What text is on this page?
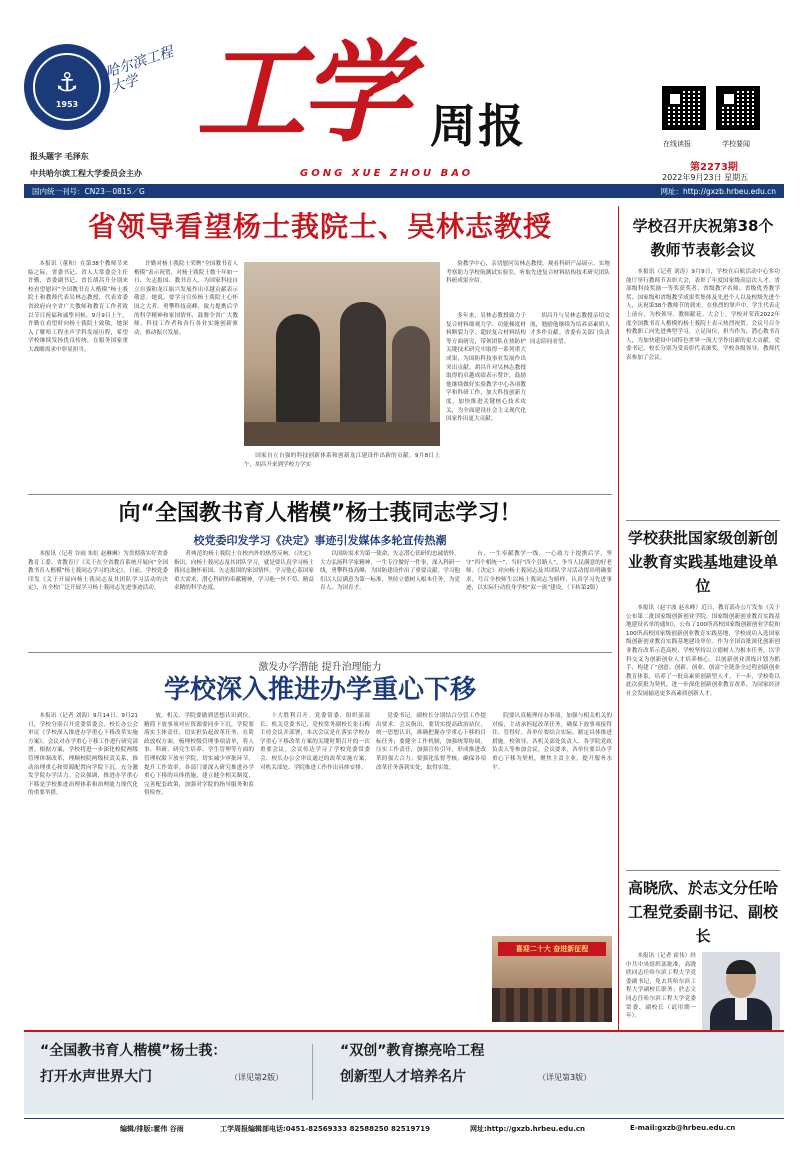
⚓
1953
哈尔滨工程大学
报头题字 毛泽东
中共哈尔滨工程大学委员会主办
工学 周报
GONG XUE ZHOU BAO
在线读报	学校要闻
第2273期
2022年9月23日 星期五
国内统一刊号：CN23－0815／G	网址：http://gxzb.hrbeu.edu.cn
省领导看望杨士莪院士、吴林志教授

本报讯（董和）在第38个教师节来临之际，省委书记、省人大常委会主任许勤，省委副书记、省长胡昌升分别来校看望慰问“全国教书育人楷模”杨士莪院士和教师代表吴林志教授，代表省委省政府向全省广大教师和教育工作者致以节日祝福和诚挚问候。9月9日上午，许勤在看望时向杨士莪院士致敬，她深入了解哈工程水声学科发展历程，希望学校继续发扬优良传统，在服务国家重大战略需求中彰显担当。

许勤对杨士莪院士荣膺“全国教书育人楷模”表示祝贺，对杨士莪院士数十年如一日、矢志报国、教书育人，为国家科技自立自强和龙江振兴发展作出卓越贡献表示敬意。她说，要学习宣传杨士莪院士心怀国之大者、勇攀科技高峰、致力提携后学的科学精神和家国情怀，鼓舞全省广大教师、科技工作者和各行各业实施创新驱动、推动振兴发展。

国家自立自强的科技创新体系和创新龙江建设作出新的贡献。9月8日上午，胡昌升来到学校力学实

验教学中心，亲切慰问吴林志教授，观看科研产品展示，实地考察助力学校航测试实验室，听取先进复合材料结构技术研究团队科研成果介绍。

多年来，吴林志教授致力于复合材料细观力学、功能梯度材料断裂力学、超轻复合材料结构等方面研究，带领团队在热防护关键技术研究中取得一系列重大成果，为国防科技事业发展作出突出贡献。胡昌升对吴林志教授取得的卓越成绩表示赞许，鼓励他继续做好实验教学中心各项教学和科研工作，加大科技创新力度，加快推进关键核心技术攻关，为全面建设社会主义现代化国家作出更大贡献。

胡昌升与吴林志教授亲切交流，勉励他继续为培养高素质人才多作贡献。省委有关部门负责同志陪同看望。

向“全国教书育人楷模”杨士莪同志学习！
校党委印发学习《决定》事迹引发媒体多轮宣传热潮

本报讯（记者 谷雨 朱虹 赵琳琳）为贯彻落实好省委教育工委、省教育厅《关于在全省教育系统开展向“全国教书育人楷模”杨士莪同志学习的决定》，日前，学校党委印发《关于开展向杨士莪同志及其团队学习活动的决定》，在全校广泛开展学习杨士莪同志先进事迹活动。

者典范的杨士莪院士在校内外的热烈反响。《决定》指出，向杨士莪同志及其团队学习，就是要认真学习杨士莪同志胸怀祖国、矢志报国的家国情怀，学习他心系国家重大需求、潜心科研的奉献精神，学习他一丝不苟、精益求精的科学态度。

以国防需求为第一使命，矢志潜心钻研的忠诚情怀。大力弘扬科学家精神，一生专注做好一件事，深入科研一线，勇攀科技高峰，为国防建设作出了重要贡献。学习他们以人民满意为第一标准，坚持立德树人根本任务，为党育人、为国育才。

台，一生奉献教学一线，一心致力于提携后学，坚守“四个相统一”，当好“四个引路人”，争当人民满意的好老师。《决定》对向杨士莪同志及其团队学习活动提出明确要求，号召全校师生以杨士莪同志为榜样，认真学习先进事迹，以实际行动投身学校“双一流”建设。（下转第2版）

激发办学潜能 提升治理能力
学校深入推进办学重心下移

本报讯（记者 刘海）9月14日、9月21日，学校分别召开党委常委会、校长办公会审议《学校深入推进办学重心下移改革实施方案》，会议对办学重心下移工作进行研究部署。根据方案，学校将进一步深化校院两级管理体制改革，理顺校院两级权责关系，推动治理重心和资源配置向学院下沉，充分激发学院办学活力。会议强调，推进办学重心下移是学校推进治理体系和治理能力现代化的重要举措。

放，机关、学院要做到思想认识到位，精简下放事项对应资源要同步下沉，学院要落实主体责任，切实担负起改革任务。在简政放权方面，梳理校级管理事项清单，将人事、科研、研究生培养、学生管理等方面的管理权限下放至学院，切实减少审批环节，提升工作效率。各部门要深入研究推进办学重心下移的具体措施，建立健全相关制度，完善配套政策，加强对学院的指导服务和监督检查。

十大胜利召开。党委常委、组织部部长、机关党委书记、党校常务副校长张石梅主持会议并部署，本次会议是在落实学校办学重心下移改革方案的关键时期召开的一次重要会议。会议传达学习了学校党委常委会、校长办公会审议通过的改革实施方案，对机关部处、学院推进工作作出具体安排。

党委书记、副校长分别结合分管工作提出要求。会议指出，要切实提高政治站位，统一思想认识，准确把握办学重心下移的目标任务；要健全工作机制，加强统筹协调，压实工作责任，加强宣传引导，形成推进改革的强大合力；要强化监督考核，确保各项改革任务落到实处，取得实效。

院要认真梳理待办事项，加强与相关机关的对接，主动承担起改革任务，确保下放事项接得住、管得好。各单位要结合实际，制定具体推进措施。校领导、各机关部处负责人、各学院党政负责人等参加会议。会议要求，各单位要以办学重心下移为契机，聚焦主责主业，提升服务水平。

喜迎二十大 奋进新征程
学校召开庆祝第38个教师节表彰会议

本报讯（记者 刘涛）9月9日，学校在启航活动中心多功能厅举行教师节表彰大会，表彰了年度国家级高层次人才、省部级科技奖励一等奖获奖者、省级教学名师、省级优秀教学奖、国家级和省级教学成果奖集体及先进个人以及校级先进个人，庆祝第38个教师节的到来。在热烈的掌声中，学生代表走上前台，为校领导、教师献花。大会上，学校对荣获2022年度全国教书育人楷模的杨士莪院士表示热烈祝贺。会议号召全校教职工向先进典型学习，立足岗位，担当作为，潜心教书育人，为加快建设中国特色世界一流大学作出新的更大贡献。党委书记、校长分别为受表彰代表颁奖。学校各级领导、教师代表参加了会议。

学校获批国家级创新创业教育实践基地建设单位

本报讯（赵宇波 赵永峰）近日，教育部办公厅发布《关于公布第二批国家级创新创业学院、国家级创新创业教育实践基地建设名单的通知》，公布了100所高校国家级创新创业学院和100所高校国家级创新创业教育实践基地，学校成功入选国家级创新创业教育实践基地建设单位。作为全国首批深化创新创业教育改革示范高校，学校坚持以立德树人为根本任务，以学科交叉为创新创业人才培养核心，以创新创业训练计划为抓手，构建了“创意、创新、创业、创富”全链条全过程创新创业教育体系，培养了一批高素质创新型人才。下一步，学校将以此次获批为契机，进一步深化创新创业教育改革，为国家经济社会发展输送更多高素质创新人才。

高晓欣、於志文分任哈工程党委副书记、副校长

本报讯（记者 霍伟）经中共中央组织部批准，高晓欣同志任哈尔滨工程大学党委副书记，免去其哈尔滨工程大学副校长职务；於志文同志任哈尔滨工程大学党委常委、副校长（试用期一年）。

“全国教书育人楷模”杨士莪：
打开水声世界大门	（详见第2版）
“双创”教育擦亮哈工程
创新型人才培养名片	（详见第3版）
编辑/排版:霍伟 谷雨	工学周报编辑部电话:0451-82569333 82588250 82519719	网址:http://gxzb.hrbeu.edu.cn	E-mail:gxzb@hrbeu.edu.cn
